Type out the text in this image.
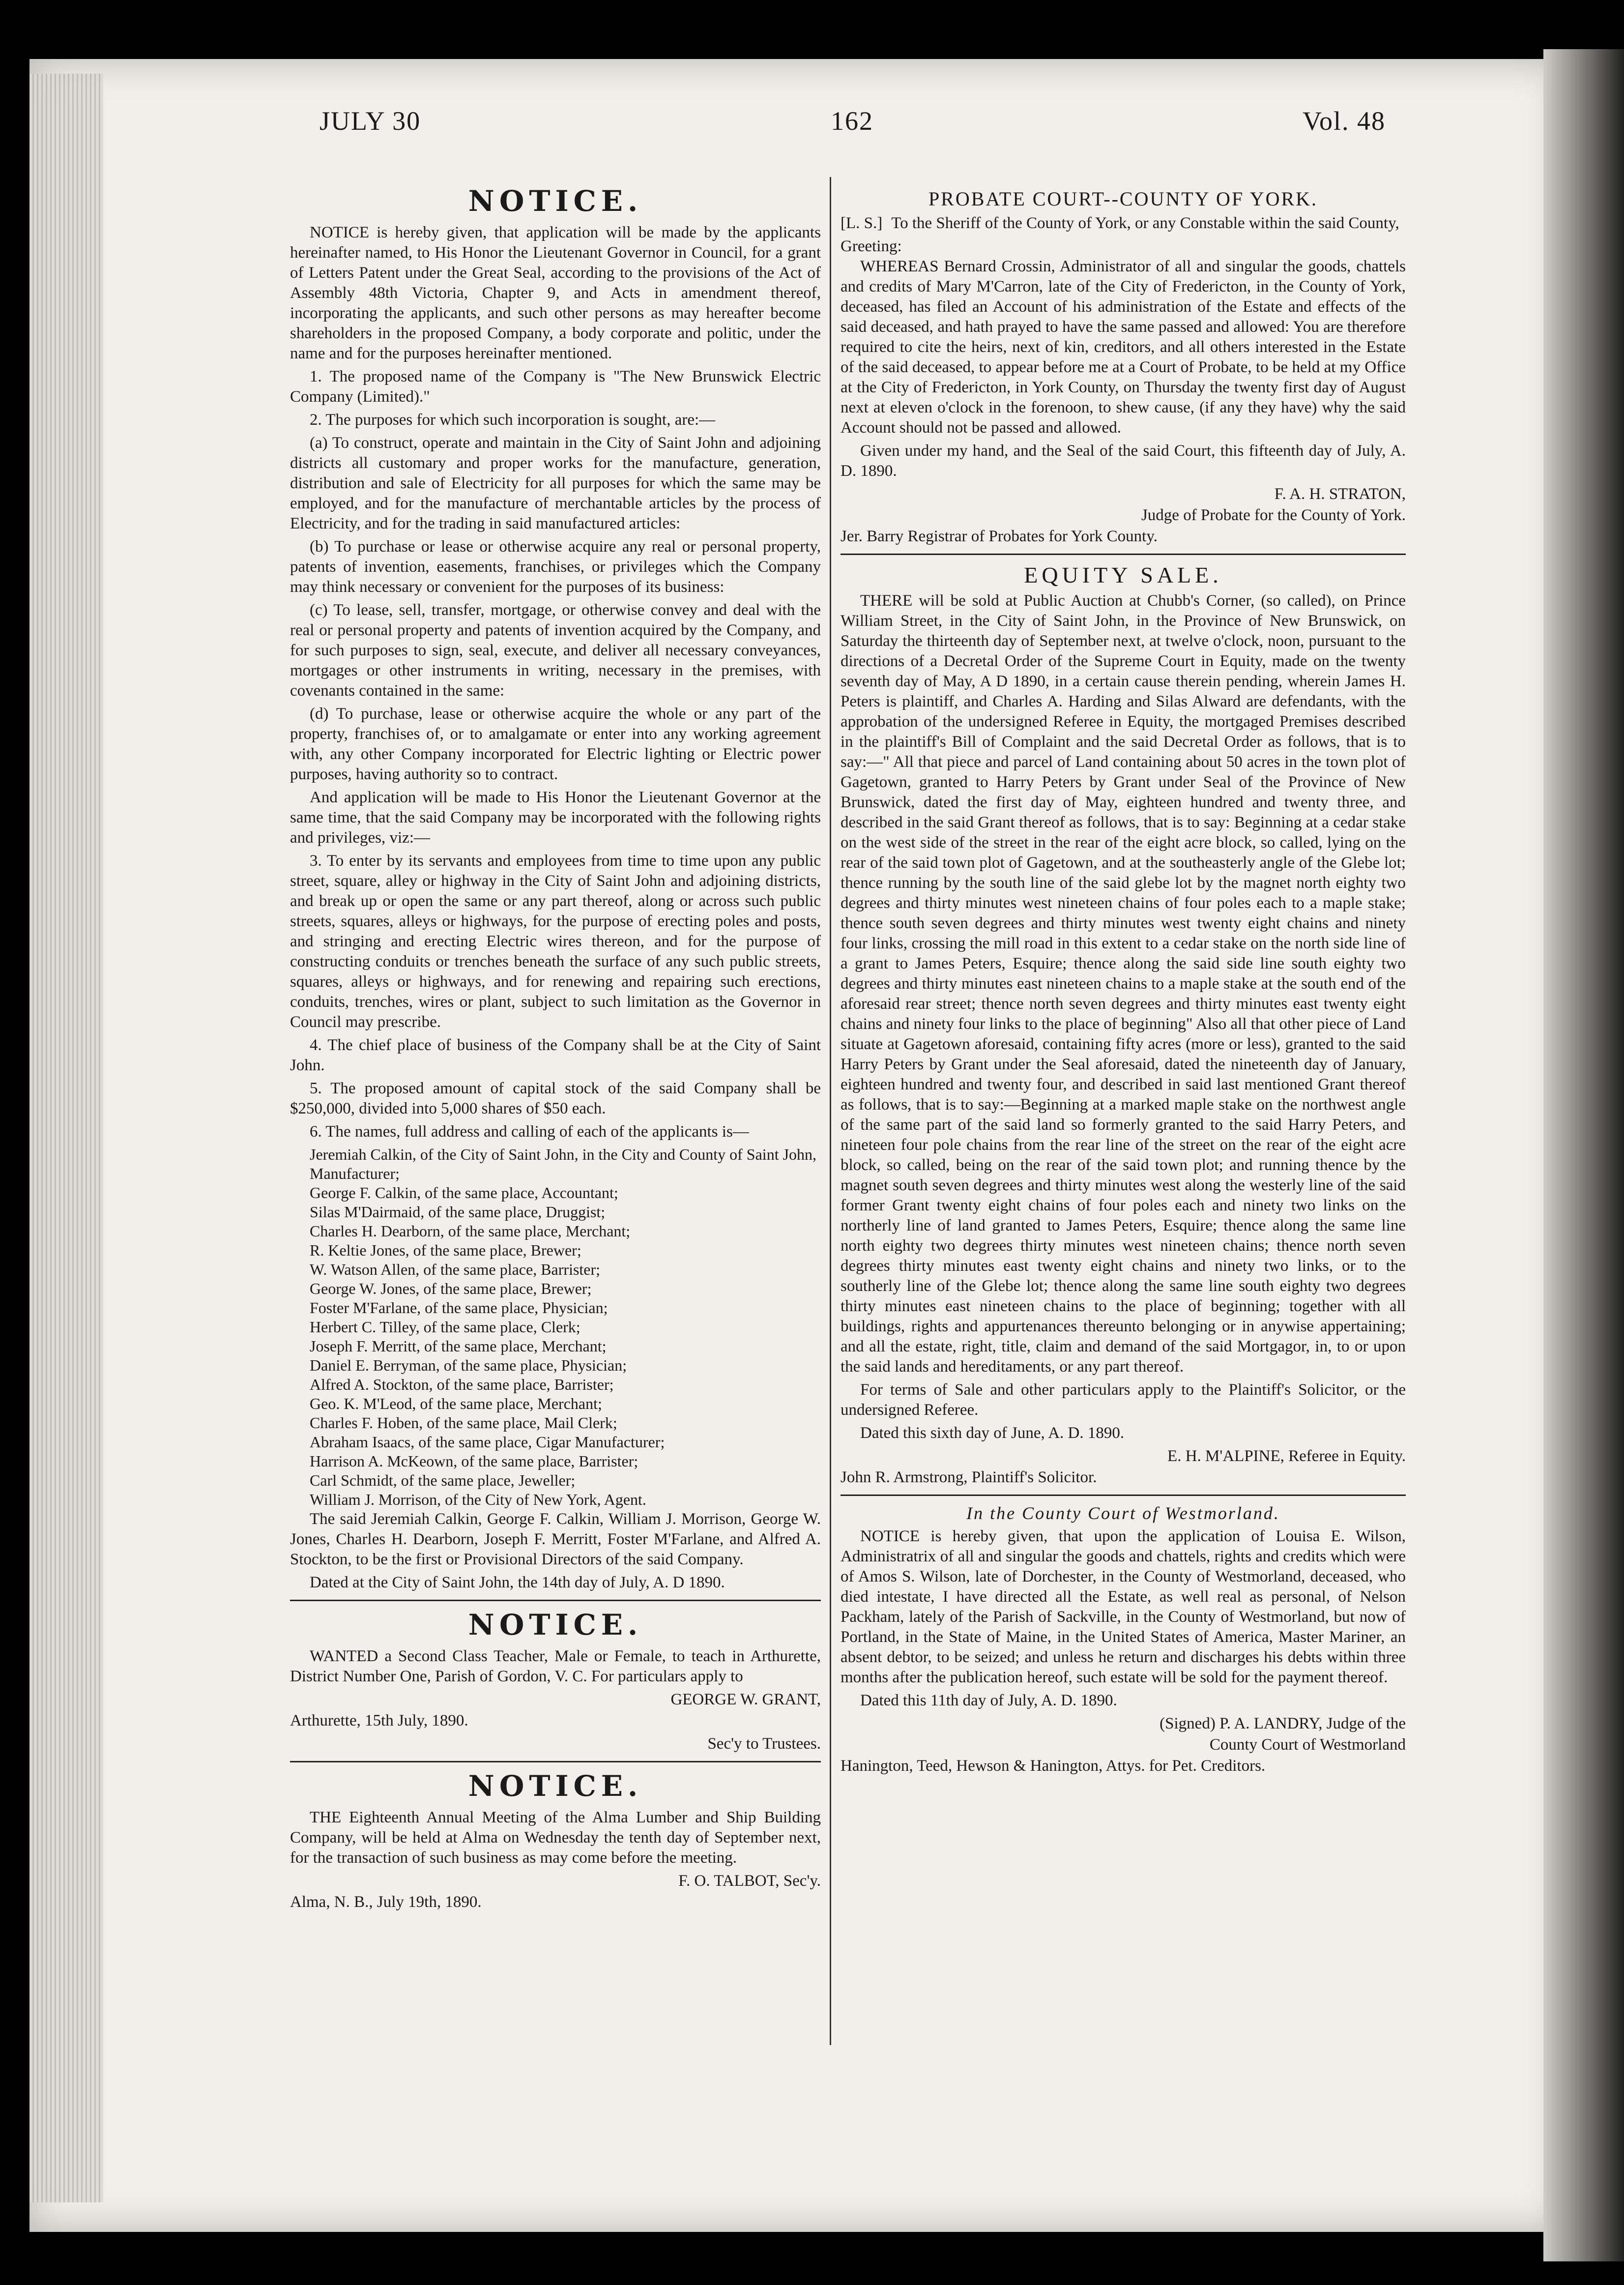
JULY 30	162	Vol. 48
NOTICE.

NOTICE is hereby given, that application will be made by the applicants hereinafter named, to His Honor the Lieutenant Governor in Council, for a grant of Letters Patent under the Great Seal, according to the provisions of the Act of Assembly 48th Victoria, Chapter 9, and Acts in amendment thereof, incorporating the applicants, and such other persons as may hereafter become shareholders in the proposed Company, a body corporate and politic, under the name and for the purposes hereinafter mentioned.

1. The proposed name of the Company is "The New Brunswick Electric Company (Limited)."

2. The purposes for which such incorporation is sought, are:—

(a) To construct, operate and maintain in the City of Saint John and adjoining districts all customary and proper works for the manufacture, generation, distribution and sale of Electricity for all purposes for which the same may be employed, and for the manufacture of merchantable articles by the process of Electricity, and for the trading in said manufactured articles:

(b) To purchase or lease or otherwise acquire any real or personal property, patents of invention, easements, franchises, or privileges which the Company may think necessary or convenient for the purposes of its business:

(c) To lease, sell, transfer, mortgage, or otherwise convey and deal with the real or personal property and patents of invention acquired by the Company, and for such purposes to sign, seal, execute, and deliver all necessary conveyances, mortgages or other instruments in writing, necessary in the premises, with covenants contained in the same:

(d) To purchase, lease or otherwise acquire the whole or any part of the property, franchises of, or to amalgamate or enter into any working agreement with, any other Company incorporated for Electric lighting or Electric power purposes, having authority so to contract.

And application will be made to His Honor the Lieutenant Governor at the same time, that the said Company may be incorporated with the following rights and privileges, viz:—

3. To enter by its servants and employees from time to time upon any public street, square, alley or highway in the City of Saint John and adjoining districts, and break up or open the same or any part thereof, along or across such public streets, squares, alleys or highways, for the purpose of erecting poles and posts, and stringing and erecting Electric wires thereon, and for the purpose of constructing conduits or trenches beneath the surface of any such public streets, squares, alleys or highways, and for renewing and repairing such erections, conduits, trenches, wires or plant, subject to such limitation as the Governor in Council may prescribe.

4. The chief place of business of the Company shall be at the City of Saint John.

5. The proposed amount of capital stock of the said Company shall be $250,000, divided into 5,000 shares of $50 each.

6. The names, full address and calling of each of the applicants is—

Jeremiah Calkin, of the City of Saint John, in the City and County of Saint John, Manufacturer;
George F. Calkin, of the same place, Accountant;
Silas M'Dairmaid, of the same place, Druggist;
Charles H. Dearborn, of the same place, Merchant;
R. Keltie Jones, of the same place, Brewer;
W. Watson Allen, of the same place, Barrister;
George W. Jones, of the same place, Brewer;
Foster M'Farlane, of the same place, Physician;
Herbert C. Tilley, of the same place, Clerk;
Joseph F. Merritt, of the same place, Merchant;
Daniel E. Berryman, of the same place, Physician;
Alfred A. Stockton, of the same place, Barrister;
Geo. K. M'Leod, of the same place, Merchant;
Charles F. Hoben, of the same place, Mail Clerk;
Abraham Isaacs, of the same place, Cigar Manufacturer;
Harrison A. McKeown, of the same place, Barrister;
Carl Schmidt, of the same place, Jeweller;
William J. Morrison, of the City of New York, Agent.

The said Jeremiah Calkin, George F. Calkin, William J. Morrison, George W. Jones, Charles H. Dearborn, Joseph F. Merritt, Foster M'Farlane, and Alfred A. Stockton, to be the first or Provisional Directors of the said Company.

Dated at the City of Saint John, the 14th day of July, A. D 1890.

NOTICE.

WANTED a Second Class Teacher, Male or Female, to teach in Arthurette, District Number One, Parish of Gordon, V. C. For particulars apply to

GEORGE W. GRANT,

Arthurette, 15th July, 1890.

Sec'y to Trustees.
NOTICE.

THE Eighteenth Annual Meeting of the Alma Lumber and Ship Building Company, will be held at Alma on Wednesday the tenth day of September next, for the transaction of such business as may come before the meeting.

F. O. TALBOT, Sec'y.

Alma, N. B., July 19th, 1890.

PROBATE COURT--COUNTY OF YORK.

[L. S.]

To the Sheriff of the County of York, or any Constable within the said County, Greeting:

WHEREAS Bernard Crossin, Administrator of all and singular the goods, chattels and credits of Mary M'Carron, late of the City of Fredericton, in the County of York, deceased, has filed an Account of his administration of the Estate and effects of the said deceased, and hath prayed to have the same passed and allowed: You are therefore required to cite the heirs, next of kin, creditors, and all others interested in the Estate of the said deceased, to appear before me at a Court of Probate, to be held at my Office at the City of Fredericton, in York County, on Thursday the twenty first day of August next at eleven o'clock in the forenoon, to shew cause, (if any they have) why the said Account should not be passed and allowed.

Given under my hand, and the Seal of the said Court, this fifteenth day of July, A. D. 1890.

F. A. H. STRATON,
Judge of Probate for the County of York.

Jer. Barry Registrar of Probates for York County.

EQUITY SALE.

THERE will be sold at Public Auction at Chubb's Corner, (so called), on Prince William Street, in the City of Saint John, in the Province of New Brunswick, on Saturday the thirteenth day of September next, at twelve o'clock, noon, pursuant to the directions of a Decretal Order of the Supreme Court in Equity, made on the twenty seventh day of May, A D 1890, in a certain cause therein pending, wherein James H. Peters is plaintiff, and Charles A. Harding and Silas Alward are defendants, with the approbation of the undersigned Referee in Equity, the mortgaged Premises described in the plaintiff's Bill of Complaint and the said Decretal Order as follows, that is to say:—" All that piece and parcel of Land containing about 50 acres in the town plot of Gagetown, granted to Harry Peters by Grant under Seal of the Province of New Brunswick, dated the first day of May, eighteen hundred and twenty three, and described in the said Grant thereof as follows, that is to say: Beginning at a cedar stake on the west side of the street in the rear of the eight acre block, so called, lying on the rear of the said town plot of Gagetown, and at the southeasterly angle of the Glebe lot; thence running by the south line of the said glebe lot by the magnet north eighty two degrees and thirty minutes west nineteen chains of four poles each to a maple stake; thence south seven degrees and thirty minutes west twenty eight chains and ninety four links, crossing the mill road in this extent to a cedar stake on the north side line of a grant to James Peters, Esquire; thence along the said side line south eighty two degrees and thirty minutes east nineteen chains to a maple stake at the south end of the aforesaid rear street; thence north seven degrees and thirty minutes east twenty eight chains and ninety four links to the place of beginning" Also all that other piece of Land situate at Gagetown aforesaid, containing fifty acres (more or less), granted to the said Harry Peters by Grant under the Seal aforesaid, dated the nineteenth day of January, eighteen hundred and twenty four, and described in said last mentioned Grant thereof as follows, that is to say:—Beginning at a marked maple stake on the northwest angle of the same part of the said land so formerly granted to the said Harry Peters, and nineteen four pole chains from the rear line of the street on the rear of the eight acre block, so called, being on the rear of the said town plot; and running thence by the magnet south seven degrees and thirty minutes west along the westerly line of the said former Grant twenty eight chains of four poles each and ninety two links on the northerly line of land granted to James Peters, Esquire; thence along the same line north eighty two degrees thirty minutes west nineteen chains; thence north seven degrees thirty minutes east twenty eight chains and ninety two links, or to the southerly line of the Glebe lot; thence along the same line south eighty two degrees thirty minutes east nineteen chains to the place of beginning; together with all buildings, rights and appurtenances thereunto belonging or in anywise appertaining; and all the estate, right, title, claim and demand of the said Mortgagor, in, to or upon the said lands and hereditaments, or any part thereof.

For terms of Sale and other particulars apply to the Plaintiff's Solicitor, or the undersigned Referee.

Dated this sixth day of June, A. D. 1890.

E. H. M'ALPINE, Referee in Equity.

John R. Armstrong, Plaintiff's Solicitor.

In the County Court of Westmorland.

NOTICE is hereby given, that upon the application of Louisa E. Wilson, Administratrix of all and singular the goods and chattels, rights and credits which were of Amos S. Wilson, late of Dorchester, in the County of Westmorland, deceased, who died intestate, I have directed all the Estate, as well real as personal, of Nelson Packham, lately of the Parish of Sackville, in the County of Westmorland, but now of Portland, in the State of Maine, in the United States of America, Master Mariner, an absent debtor, to be seized; and unless he return and discharges his debts within three months after the publication hereof, such estate will be sold for the payment thereof.

Dated this 11th day of July, A. D. 1890.

(Signed) P. A. LANDRY, Judge of the
County Court of Westmorland

Hanington, Teed, Hewson & Hanington, Attys. for Pet. Creditors.
